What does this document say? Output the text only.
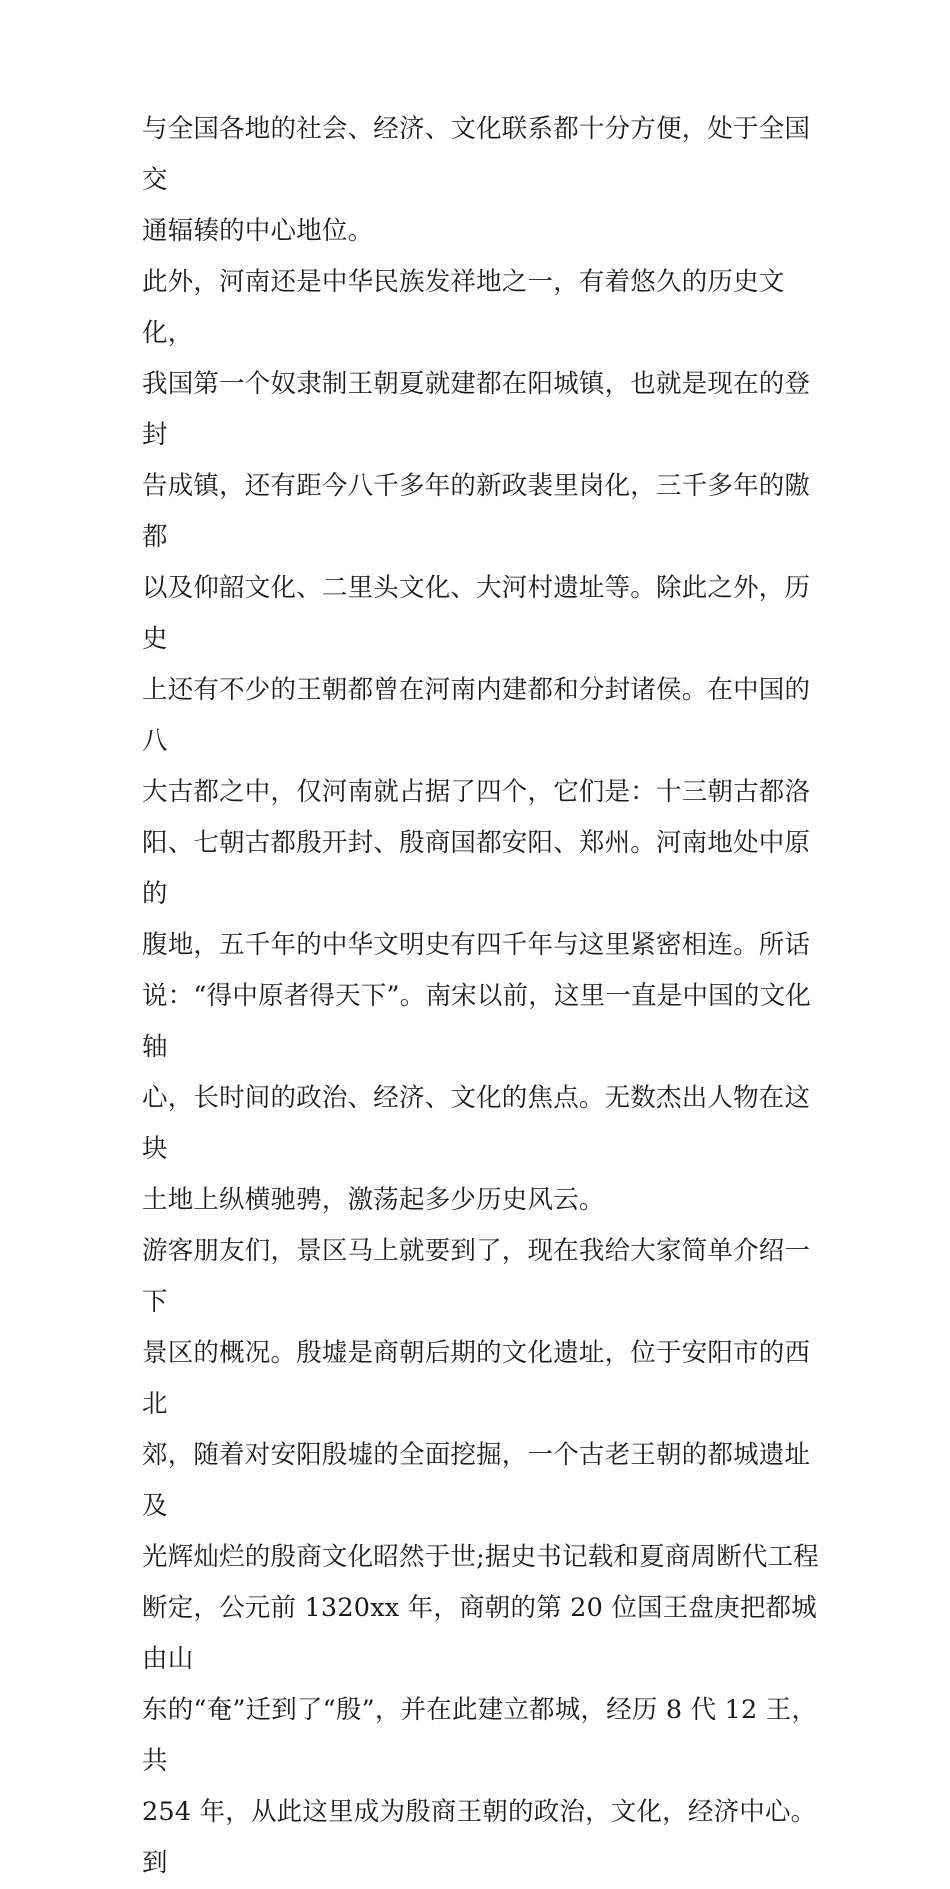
与全国各地的社会、经济、文化联系都十分方便，处于全国交
通辐辏的中心地位。

此外，河南还是中华民族发祥地之一，有着悠久的历史文化，
我国第一个奴隶制王朝夏就建都在阳城镇，也就是现在的登封
告成镇，还有距今八千多年的新政裴里岗化，三千多年的隞都
以及仰韶文化、二里头文化、大河村遗址等。除此之外，历史
上还有不少的王朝都曾在河南内建都和分封诸侯。在中国的八
大古都之中，仅河南就占据了四个，它们是：十三朝古都洛
阳、七朝古都殷开封、殷商国都安阳、郑州。河南地处中原的
腹地，五千年的中华文明史有四千年与这里紧密相连。所话
说：“得中原者得天下”。南宋以前，这里一直是中国的文化轴
心，长时间的政治、经济、文化的焦点。无数杰出人物在这块
土地上纵横驰骋，激荡起多少历史风云。

游客朋友们，景区马上就要到了，现在我给大家简单介绍一下
景区的概况。殷墟是商朝后期的文化遗址，位于安阳市的西北
郊，随着对安阳殷墟的全面挖掘，一个古老王朝的都城遗址及
光辉灿烂的殷商文化昭然于世;据史书记载和夏商周断代工程
断定，公元前 1320xx 年，商朝的第 20 位国王盘庚把都城由山
东的“奄”迁到了“殷”，并在此建立都城，经历 8 代 12 王，共
254 年，从此这里成为殷商王朝的政治，文化，经济中心。到
